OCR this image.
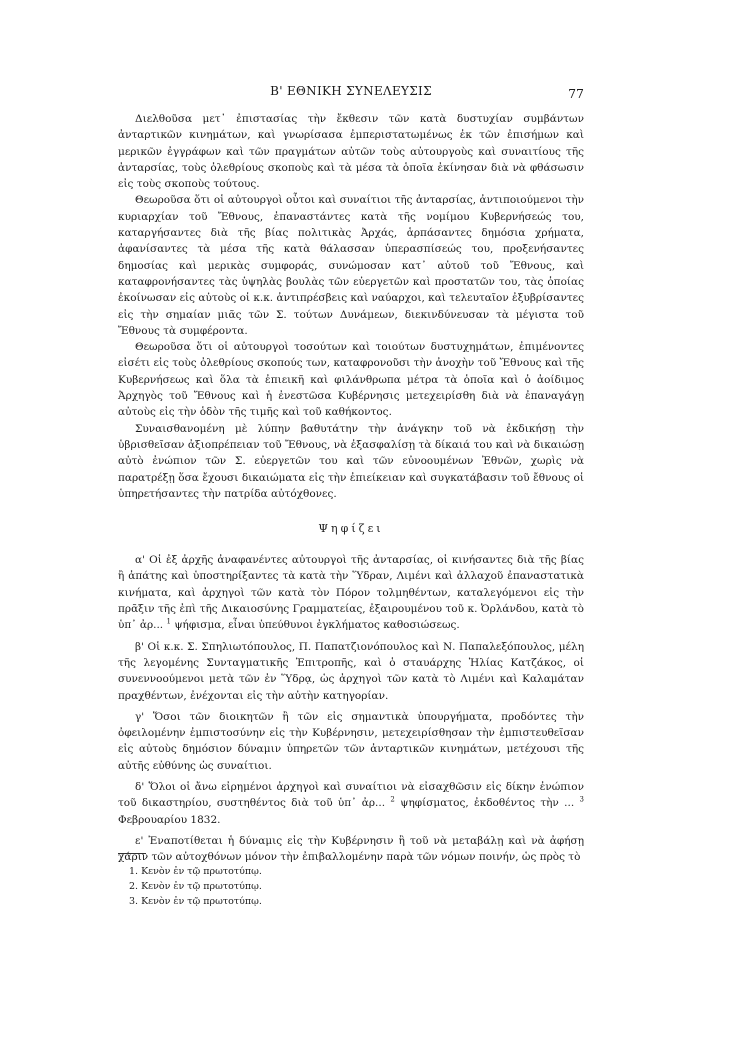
Β' ΕΘΝΙΚΗ ΣΥΝΕΛΕΥΣΙΣ	77

Διελθοῦσα μετ᾽ ἐπιστασίας τὴν ἔκθεσιν τῶν κατὰ δυστυχίαν συμβάντων ἀνταρτικῶν κινημάτων, καὶ γνωρίσασα ἐμπεριστατωμένως ἐκ τῶν ἐπισήμων καὶ μερικῶν ἐγγράφων καὶ τῶν πραγμάτων αὐτῶν τοὺς αὐτουργοὺς καὶ συναιτίους τῆς ἀνταρσίας, τοὺς ὀλεθρίους σκοποὺς καὶ τὰ μέσα τὰ ὁποῖα ἐκίνησαν διὰ νὰ φθάσωσιν εἰς τοὺς σκοποὺς τούτους.

Θεωροῦσα ὅτι οἱ αὐτουργοὶ οὗτοι καὶ συναίτιοι τῆς ἀνταρσίας, ἀντιποιούμενοι τὴν κυριαρχίαν τοῦ Ἔθνους, ἐπαναστάντες κατὰ τῆς νομίμου Κυβερνήσεώς του, καταργήσαντες διὰ τῆς βίας πολιτικὰς Ἀρχάς, ἁρπάσαντες δημόσια χρήματα, ἀφανίσαντες τὰ μέσα τῆς κατὰ θάλασσαν ὑπερασπίσεώς του, προξενήσαντες δημοσίας καὶ μερικὰς συμφοράς, συνώμοσαν κατ᾽ αὐτοῦ τοῦ Ἔθνους, καὶ καταφρονήσαντες τὰς ὑψηλὰς βουλὰς τῶν εὐεργετῶν καὶ προστατῶν του, τὰς ὁποίας ἐκοίνωσαν εἰς αὐτοὺς οἱ κ.κ. ἀντιπρέσβεις καὶ ναύαρχοι, καὶ τελευταῖον ἐξυβρίσαντες εἰς τὴν σημαίαν μιᾶς τῶν Σ. τούτων Δυνάμεων, διεκινδύνευσαν τὰ μέγιστα τοῦ Ἔθνους τὰ συμφέροντα.

Θεωροῦσα ὅτι οἱ αὐτουργοὶ τοσούτων καὶ τοιούτων δυστυχημάτων, ἐπιμένοντες εἰσέτι εἰς τοὺς ὀλεθρίους σκοπούς των, καταφρονοῦσι τὴν ἀνοχὴν τοῦ Ἔθνους καὶ τῆς Κυβερνήσεως καὶ ὅλα τὰ ἐπιεικῆ καὶ φιλάνθρωπα μέτρα τὰ ὁποῖα καὶ ὁ ἀοίδιμος Ἀρχηγὸς τοῦ Ἔθνους καὶ ἡ ἐνεστῶσα Κυβέρνησις μετεχειρίσθη διὰ νὰ ἐπαναγάγῃ αὐτοὺς εἰς τὴν ὁδὸν τῆς τιμῆς καὶ τοῦ καθήκοντος.

Συναισθανομένη μὲ λύπην βαθυτάτην τὴν ἀνάγκην τοῦ νὰ ἐκδικήσῃ τὴν ὑβρισθεῖσαν ἀξιοπρέπειαν τοῦ Ἔθνους, νὰ ἐξασφαλίσῃ τὰ δίκαιά του καὶ νὰ δικαιώσῃ αὐτὸ ἐνώπιον τῶν Σ. εὐεργετῶν του καὶ τῶν εὐνοουμένων Ἐθνῶν, χωρὶς νὰ παρατρέξῃ ὅσα ἔχουσι δικαιώματα εἰς τὴν ἐπιείκειαν καὶ συγκατάβασιν τοῦ ἔθνους οἱ ὑπηρετήσαντες τὴν πατρίδα αὐτόχθονες.

Ψηφίζει

α' Οἱ ἐξ ἀρχῆς ἀναφανέντες αὐτουργοὶ τῆς ἀνταρσίας, οἱ κινήσαντες διὰ τῆς βίας ἢ ἀπάτης καὶ ὑποστηρίξαντες τὰ κατὰ τὴν Ὕδραν, Λιμένι καὶ ἀλλαχοῦ ἐπαναστατικὰ κινήματα, καὶ ἀρχηγοὶ τῶν κατὰ τὸν Πόρον τολμηθέντων, καταλεγόμενοι εἰς τὴν πρᾶξιν τῆς ἐπὶ τῆς Δικαιοσύνης Γραμματείας, ἐξαιρουμένου τοῦ κ. Ὀρλάνδου, κατὰ τὸ ὑπ᾽ ἀρ... $^1$ ψήφισμα, εἶναι ὑπεύθυνοι ἐγκλήματος καθοσιώσεως.

β' Οἱ κ.κ. Σ. Σπηλιωτόπουλος, Π. Παπατζιονόπουλος καὶ Ν. Παπαλεξόπουλος, μέλη τῆς λεγομένης Συνταγματικῆς Ἐπιτροπῆς, καὶ ὁ σταυάρχης Ἠλίας Κατζάκος, οἱ συνεννοούμενοι μετὰ τῶν ἐν Ὕδρᾳ, ὡς ἀρχηγοὶ τῶν κατὰ τὸ Λιμένι καὶ Καλαμάταν πραχθέντων, ἐνέχονται εἰς τὴν αὐτὴν κατηγορίαν.

γ' Ὅσοι τῶν διοικητῶν ἢ τῶν εἰς σημαντικὰ ὑπουργήματα, προδόντες τὴν ὀφειλομένην ἐμπιστοσύνην εἰς τὴν Κυβέρνησιν, μετεχειρίσθησαν τὴν ἐμπιστευθεῖσαν εἰς αὐτοὺς δημόσιον δύναμιν ὑπηρετῶν τῶν ἀνταρτικῶν κινημάτων, μετέχουσι τῆς αὐτῆς εὐθύνης ὡς συναίτιοι.

δ' Ὅλοι οἱ ἄνω εἰρημένοι ἀρχηγοὶ καὶ συναίτιοι νὰ εἰσαχθῶσιν εἰς δίκην ἐνώπιον τοῦ δικαστηρίου, συστηθέντος διὰ τοῦ ὑπ᾽ ἀρ... $^2$ ψηφίσματος, ἐκδοθέντος τὴν ... $^3$ Φεβρουαρίου 1832.

ε' Ἐναποτίθεται ἡ δύναμις εἰς τὴν Κυβέρνησιν ἢ τοῦ νὰ μεταβάλῃ καὶ νὰ ἀφήσῃ χάριν τῶν αὐτοχθόνων μόνον τὴν ἐπιβαλλομένην παρὰ τῶν νόμων ποινήν, ὡς πρὸς τὸ

1. Κενὸν ἐν τῷ πρωτοτύπῳ.
2. Κενὸν ἐν τῷ πρωτοτύπῳ.
3. Κενὸν ἐν τῷ πρωτοτύπῳ.
